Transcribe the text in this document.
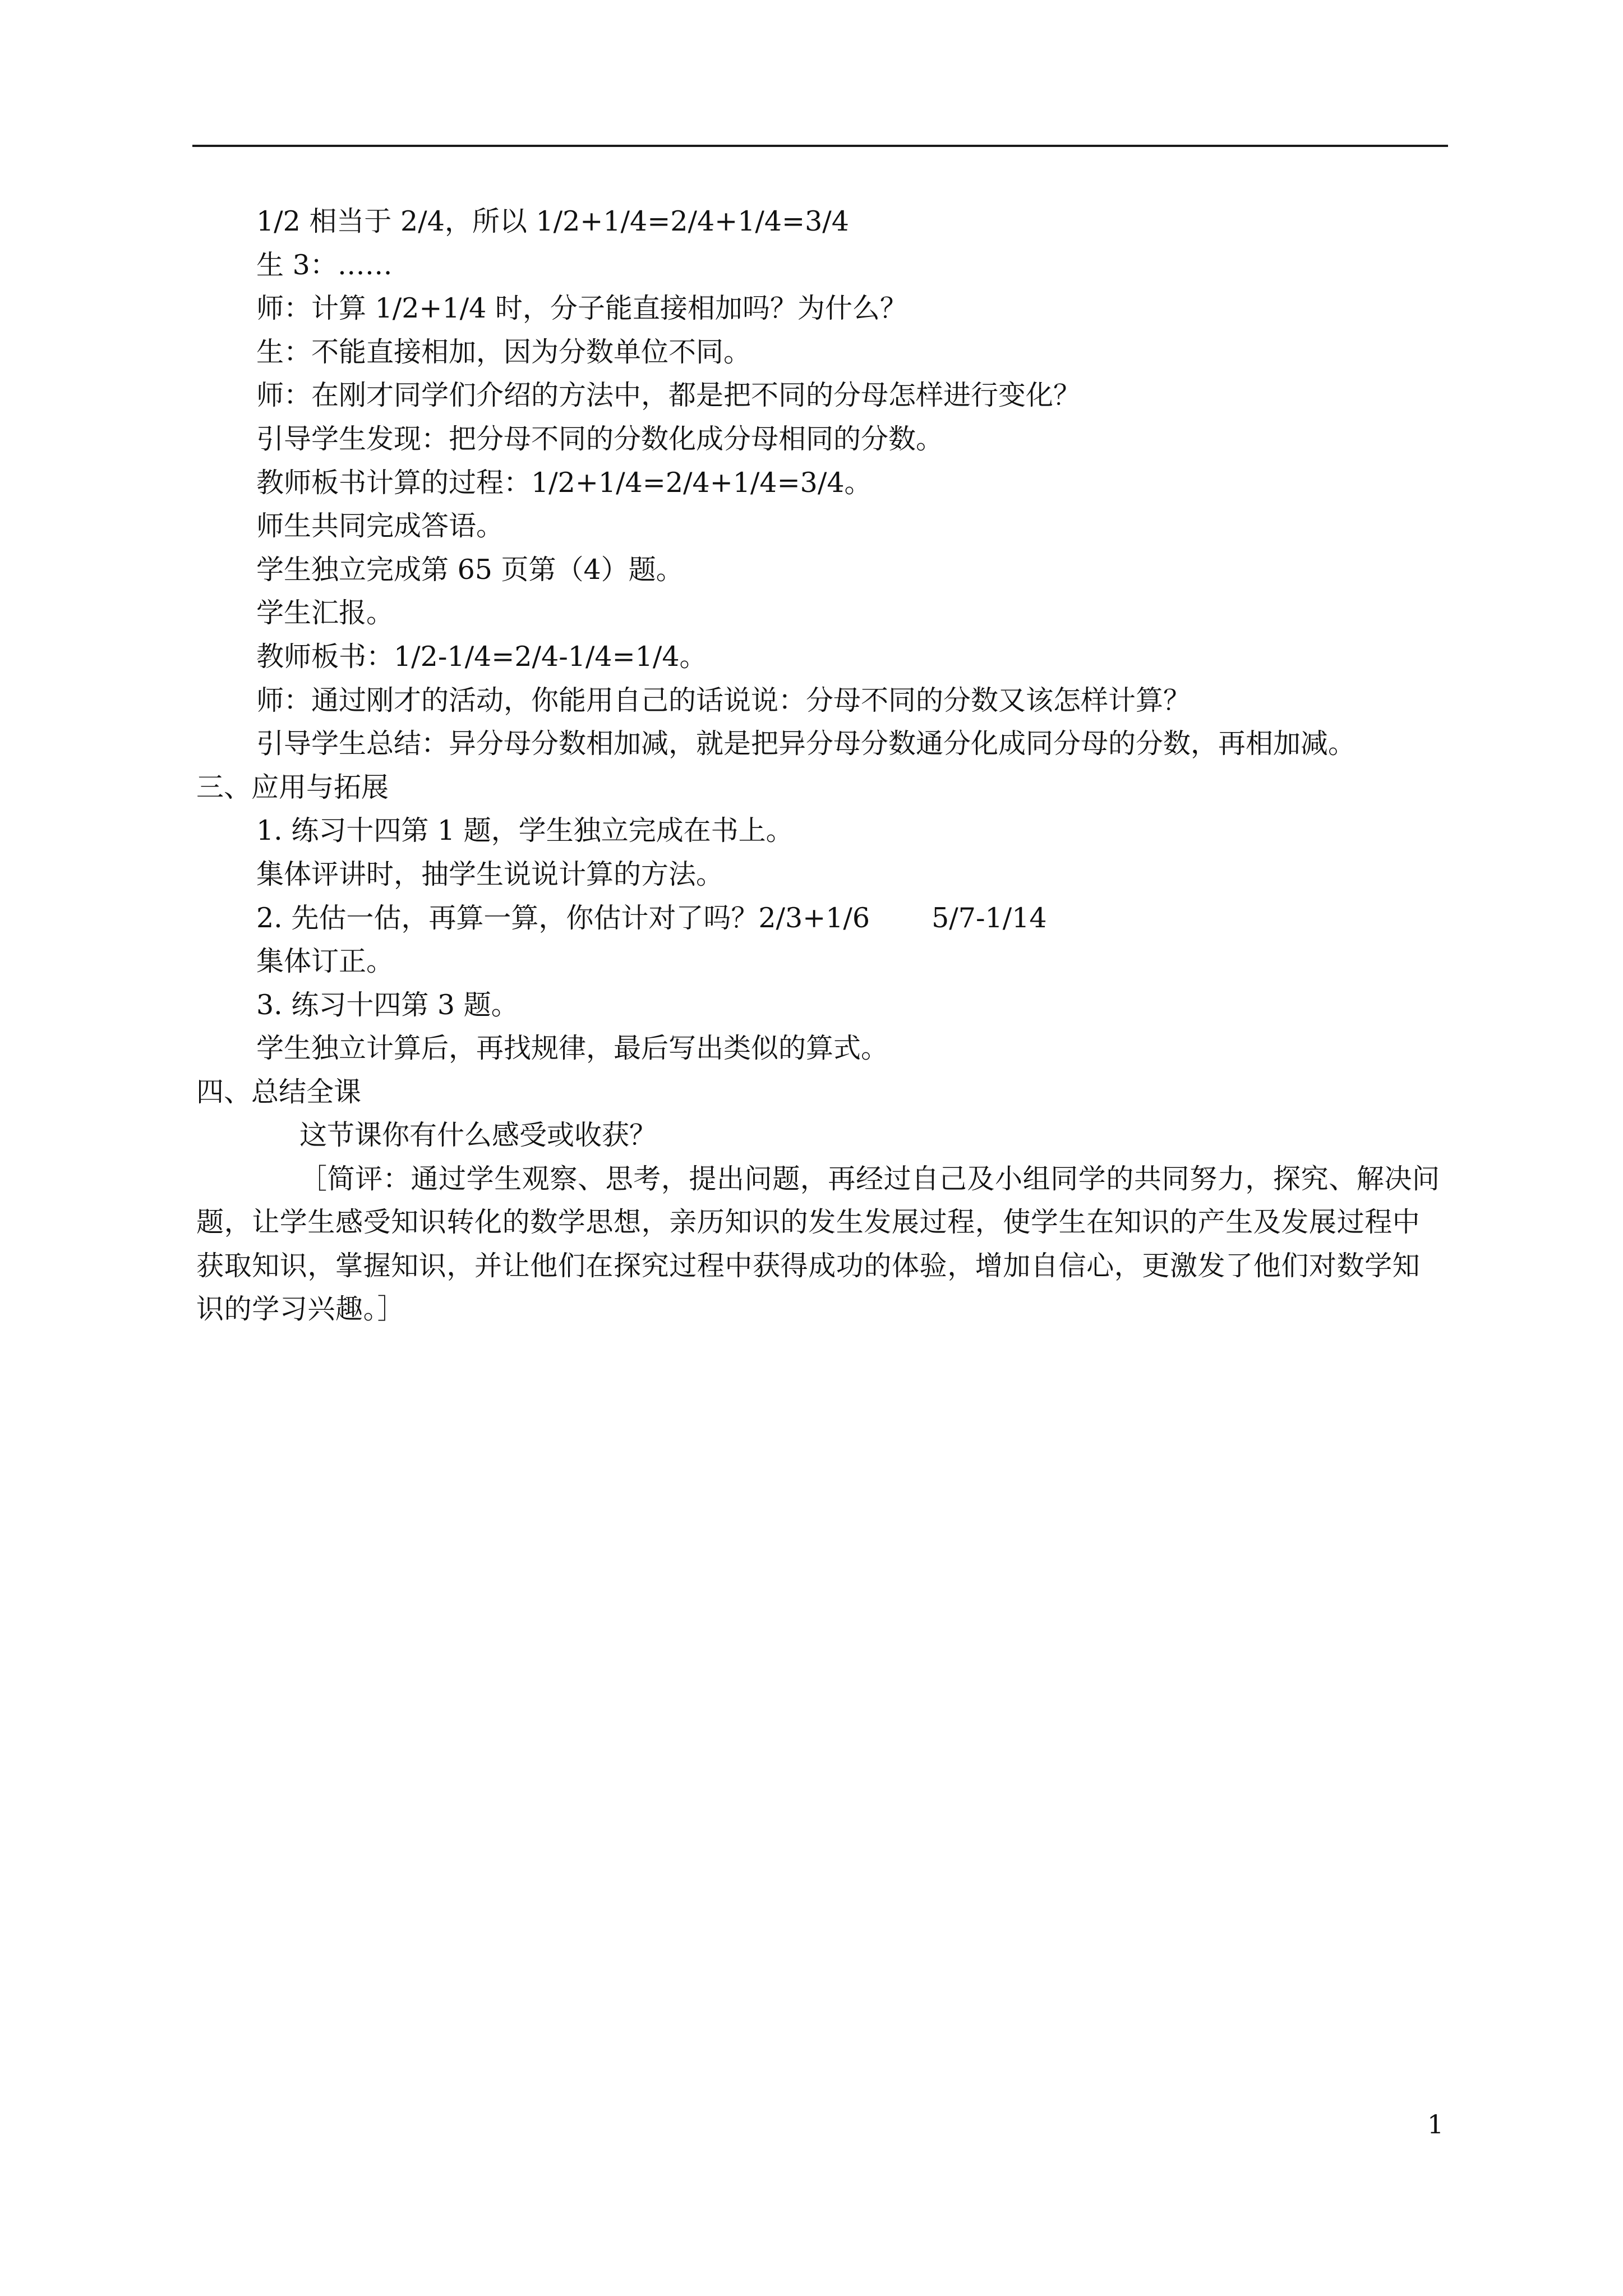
1/2 相当于 2/4，所以 1/2+1/4=2/4+1/4=3/4
生 3：……
师：计算 1/2+1/4 时，分子能直接相加吗？为什么？
生：不能直接相加，因为分数单位不同。
师：在刚才同学们介绍的方法中，都是把不同的分母怎样进行变化？
引导学生发现：把分母不同的分数化成分母相同的分数。
教师板书计算的过程：1/2+1/4=2/4+1/4=3/4。
师生共同完成答语。
学生独立完成第 65 页第（4）题。
学生汇报。
教师板书：1/2-1/4=2/4-1/4=1/4。
师：通过刚才的活动，你能用自己的话说说：分母不同的分数又该怎样计算？
引导学生总结：异分母分数相加减，就是把异分母分数通分化成同分母的分数，再相加减。
三、应用与拓展
1. 练习十四第 1 题，学生独立完成在书上。
集体评讲时，抽学生说说计算的方法。
2. 先估一估，再算一算，你估计对了吗？2/3+1/6 5/7-1/14
集体订正。
3. 练习十四第 3 题。
学生独立计算后，再找规律，最后写出类似的算式。
四、总结全课
这节课你有什么感受或收获？
［简评：通过学生观察、思考，提出问题，再经过自己及小组同学的共同努力，探究、解决问题，让学生感受知识转化的数学思想，亲历知识的发生发展过程，使学生在知识的产生及发展过程中获取知识，掌握知识，并让他们在探究过程中获得成功的体验，增加自信心，更激发了他们对数学知识的学习兴趣。］
1
